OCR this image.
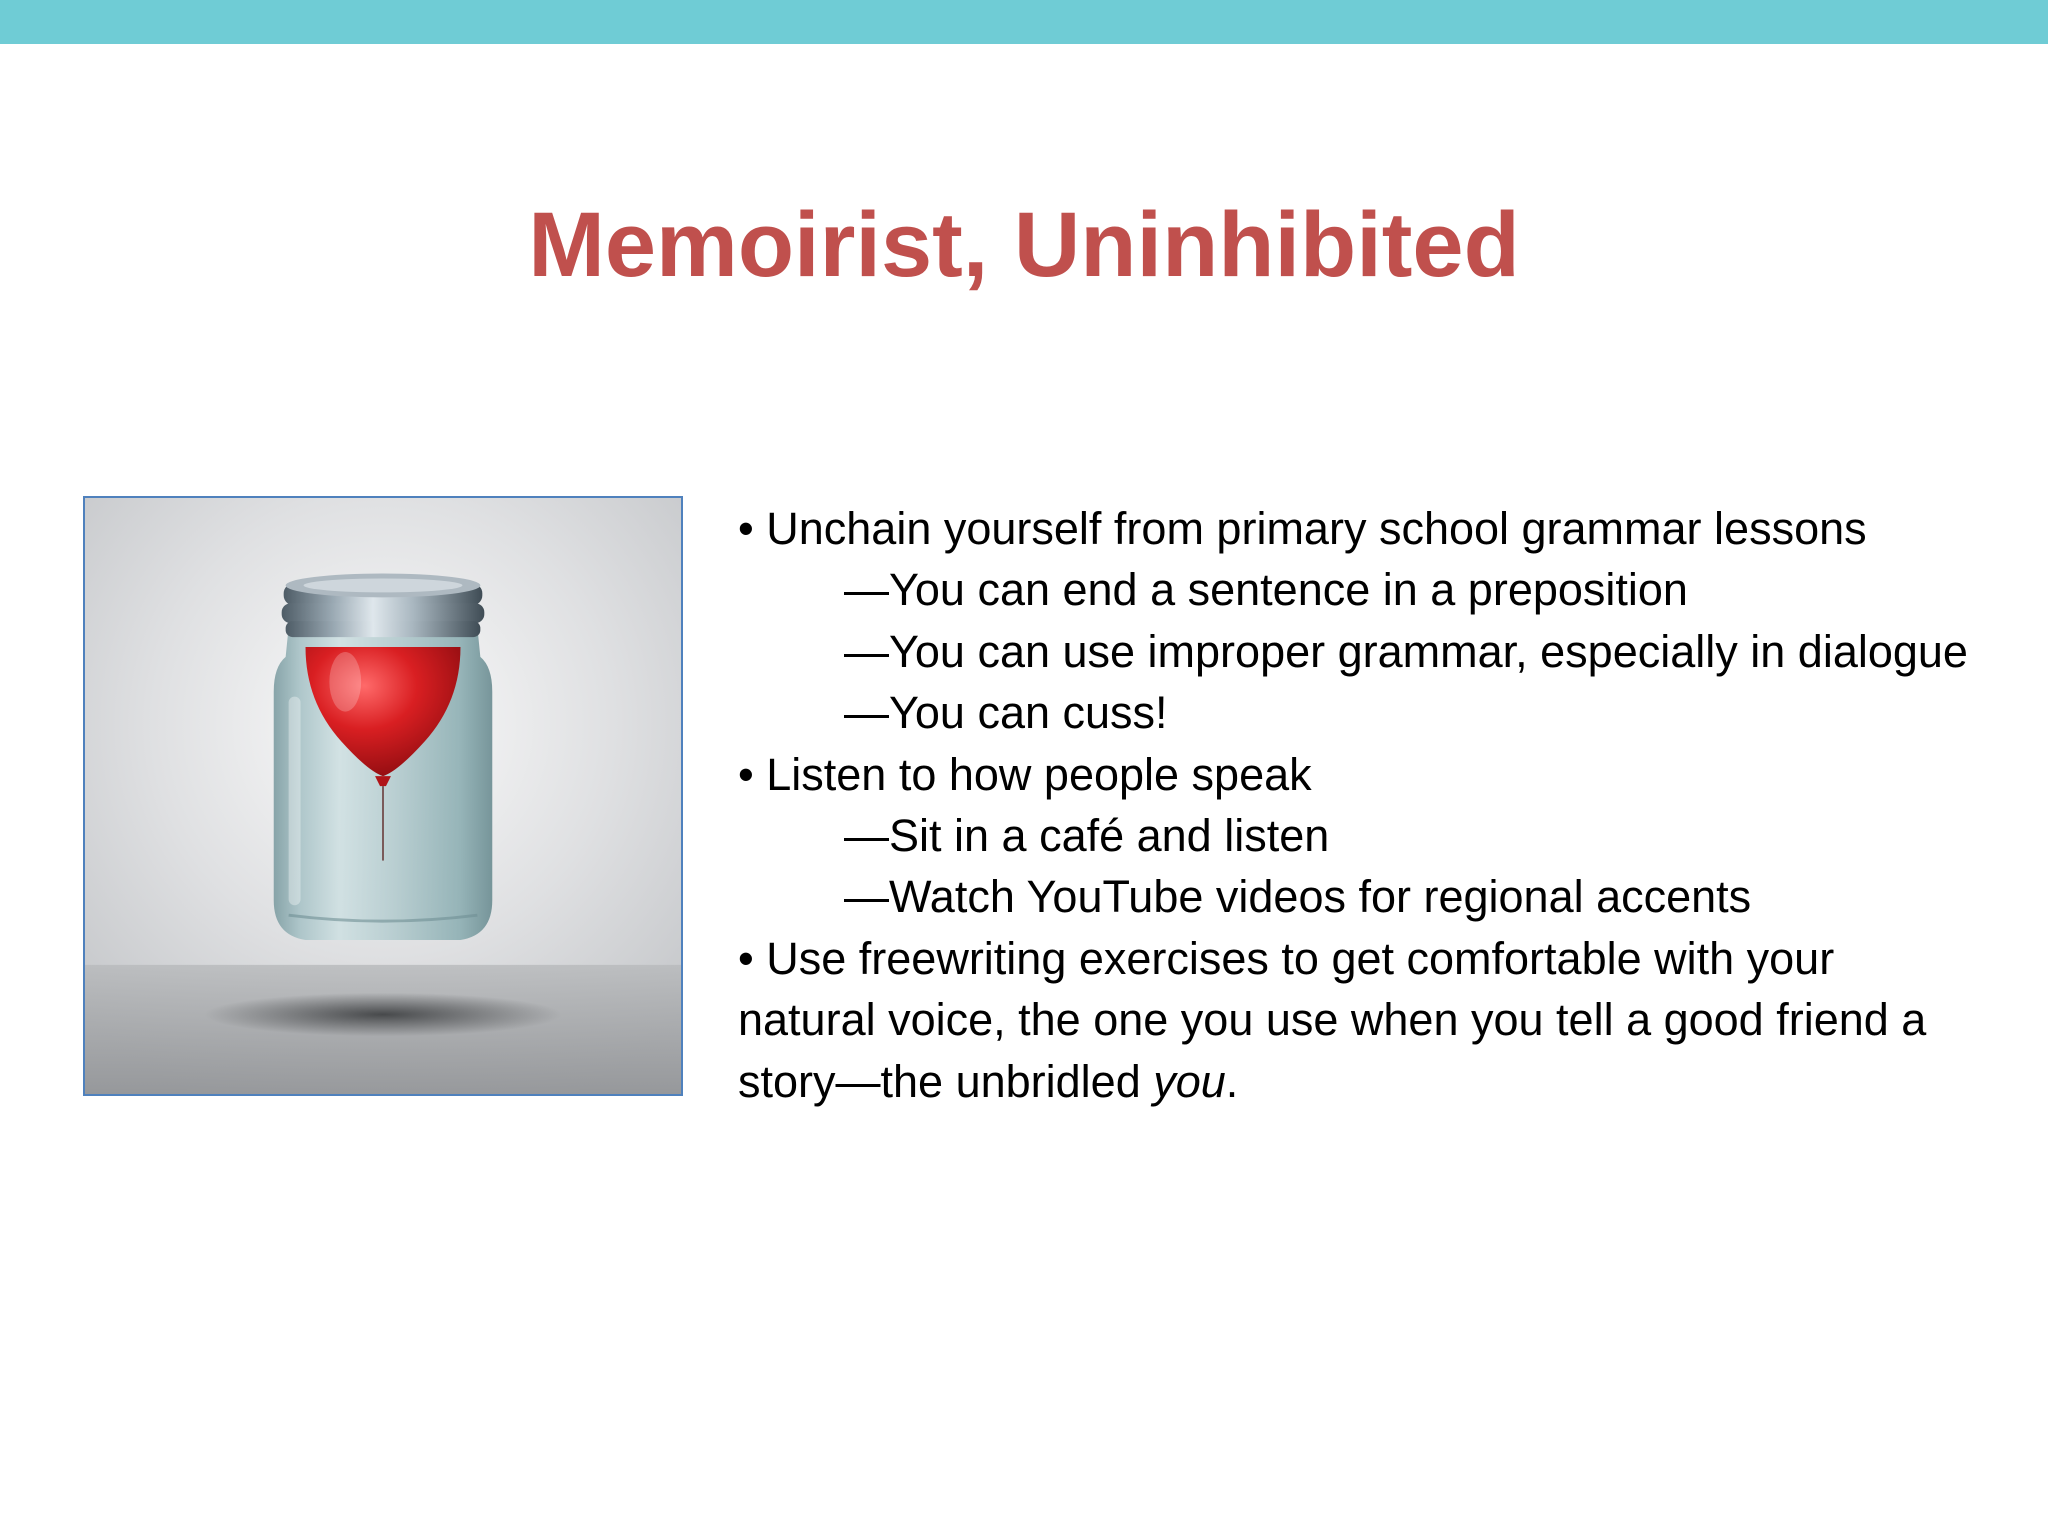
Memoirist, Uninhibited
• Unchain yourself from primary school grammar lessons
—You can end a sentence in a preposition
—You can use improper grammar, especially in dialogue
—You can cuss!
• Listen to how people speak
—Sit in a café and listen
—Watch YouTube videos for regional accents
• Use freewriting exercises to get comfortable with your
natural voice, the one you use when you tell a good friend a
story—the unbridled you.
